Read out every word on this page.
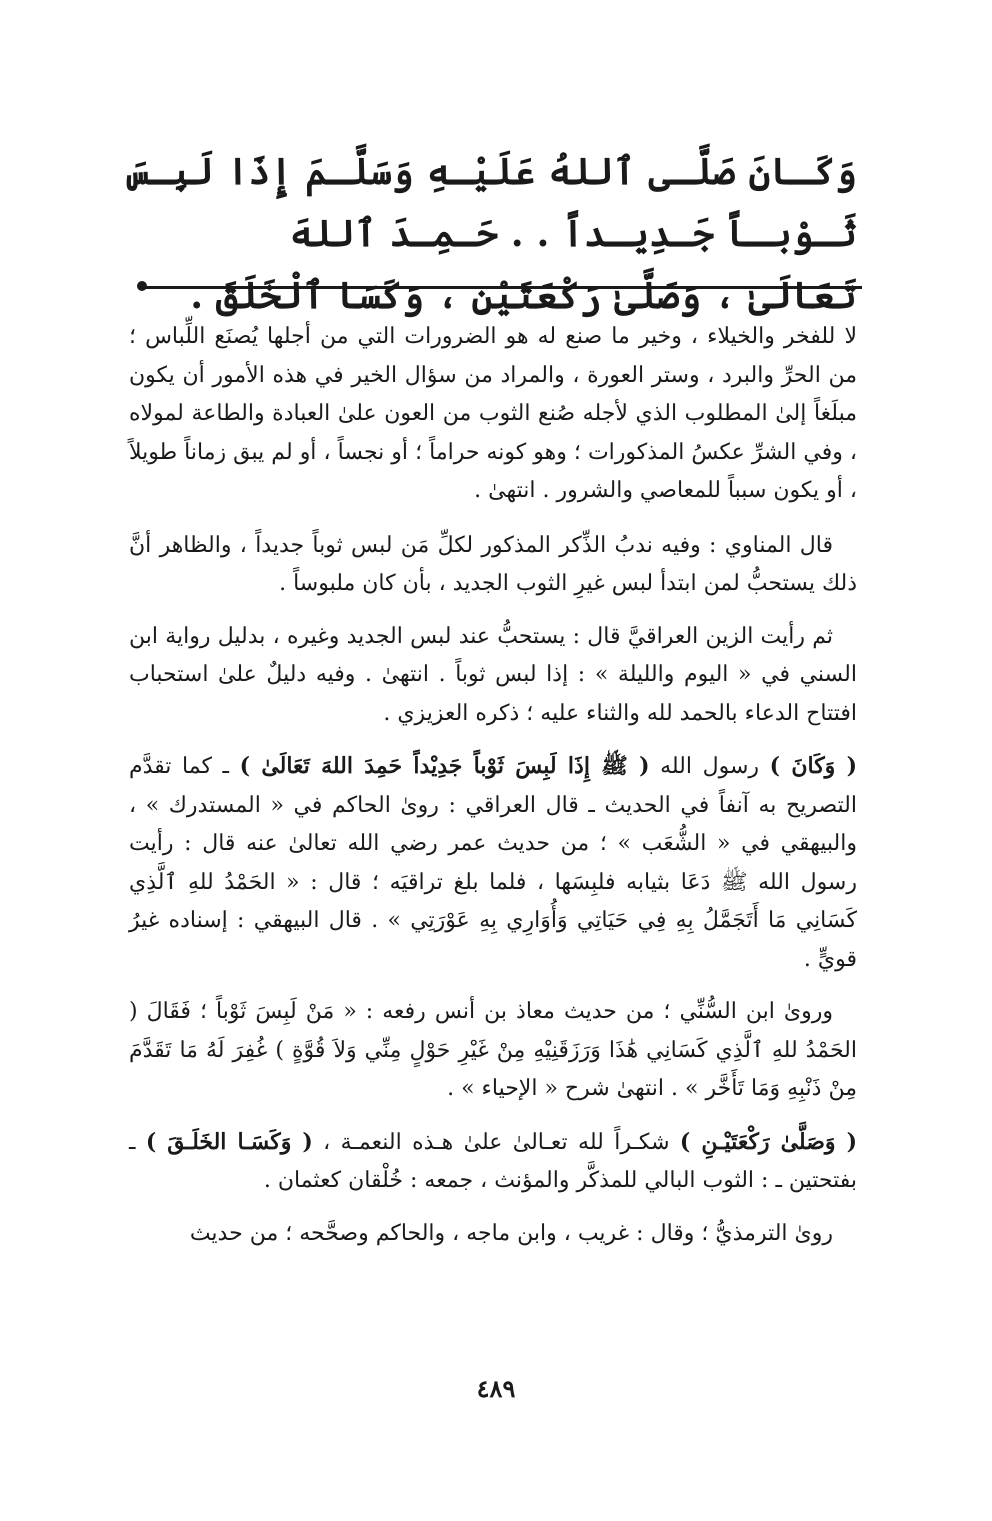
وَكَـانَ صَلَّـى ٱللهُ عَلَيْـهِ وَسَلَّـمَ إِذَا لَبِـسَ ثَـوْبـاً جَـدِيـداً . . حَـمِـدَ ٱللهَ

تَعَالَىٰ ، وَصَلَّىٰ رَكْعَتَيْنِ ، وَكَسَا ٱلْخَلَقَ .

لا للفخر والخيلاء ، وخير ما صنع له هو الضرورات التي من أجلها يُصنَع اللِّباس ؛ من الحرِّ والبرد ، وستر العورة ، والمراد من سؤال الخير في هذه الأمور أن يكون مبلَغاً إلىٰ المطلوب الذي لأجله صُنع الثوب من العون علىٰ العبادة والطاعة لمولاه ، وفي الشرِّ عكسُ المذكورات ؛ وهو كونه حراماً ؛ أو نجساً ، أو لم يبق زماناً طويلاً ، أو يكون سبباً للمعاصي والشرور . انتهىٰ .

قال المناوي : وفيه ندبُ الذِّكر المذكور لكلِّ مَن لبس ثوباً جديداً ، والظاهر أنَّ ذلك يستحبُّ لمن ابتدأ لبس غيرِ الثوب الجديد ، بأن كان ملبوساً .

ثم رأيت الزين العراقيَّ قال : يستحبُّ عند لبس الجديد وغيره ، بدليل رواية ابن السني في « اليوم والليلة » : إذا لبس ثوباً . انتهىٰ . وفيه دليلٌ علىٰ استحباب افتتاح الدعاء بالحمد لله والثناء عليه ؛ ذكره العزيزي .

( وَكَانَ ) رسول الله ( ﷺ إِذَا لَبِسَ ثَوْباً جَدِيْداً حَمِدَ اللهَ تَعَالَىٰ ) ـ كما تقدَّم التصريح به آنفاً في الحديث ـ قال العراقي : روىٰ الحاكم في « المستدرك » ، والبيهقي في « الشُّعَب » ؛ من حديث عمر رضي الله تعالىٰ عنه قال : رأيت رسول الله ﷺ دَعَا بثيابه فلبِسَها ، فلما بلغ تراقيَه ؛ قال : « الحَمْدُ للهِ ٱلَّذِي كَسَانِي مَا أَتَجَمَّلُ بِهِ فِي حَيَاتِي وَأُوَارِي بِهِ عَوْرَتِي » . قال البيهقي : إسناده غيرُ قويٍّ .

وروىٰ ابن السُّنِّي ؛ من حديث معاذ بن أنس رفعه : « مَنْ لَبِسَ ثَوْباً ؛ فَقَالَ ( الحَمْدُ للهِ ٱلَّذِي كَسَانِي هَٰذَا وَرَزَقَنِيْهِ مِنْ غَيْرِ حَوْلٍ مِنِّي وَلاَ قُوَّةٍ ) غُفِرَ لَهُ مَا تَقَدَّمَ مِنْ ذَنْبِهِ وَمَا تَأَخَّر » . انتهىٰ شرح « الإحياء » .

( وَصَلَّىٰ رَكْعَتَيْـنِ ) شكـراً لله تعـالىٰ علىٰ هـذه النعمـة ، ( وَكَسَـا الخَلَـقَ ) ـ بفتحتين ـ : الثوب البالي للمذكَّر والمؤنث ، جمعه : خُلْقان كعثمان .

روىٰ الترمذيُّ ؛ وقال : غريب ، وابن ماجه ، والحاكم وصحَّحه ؛ من حديث

٤٨٩
